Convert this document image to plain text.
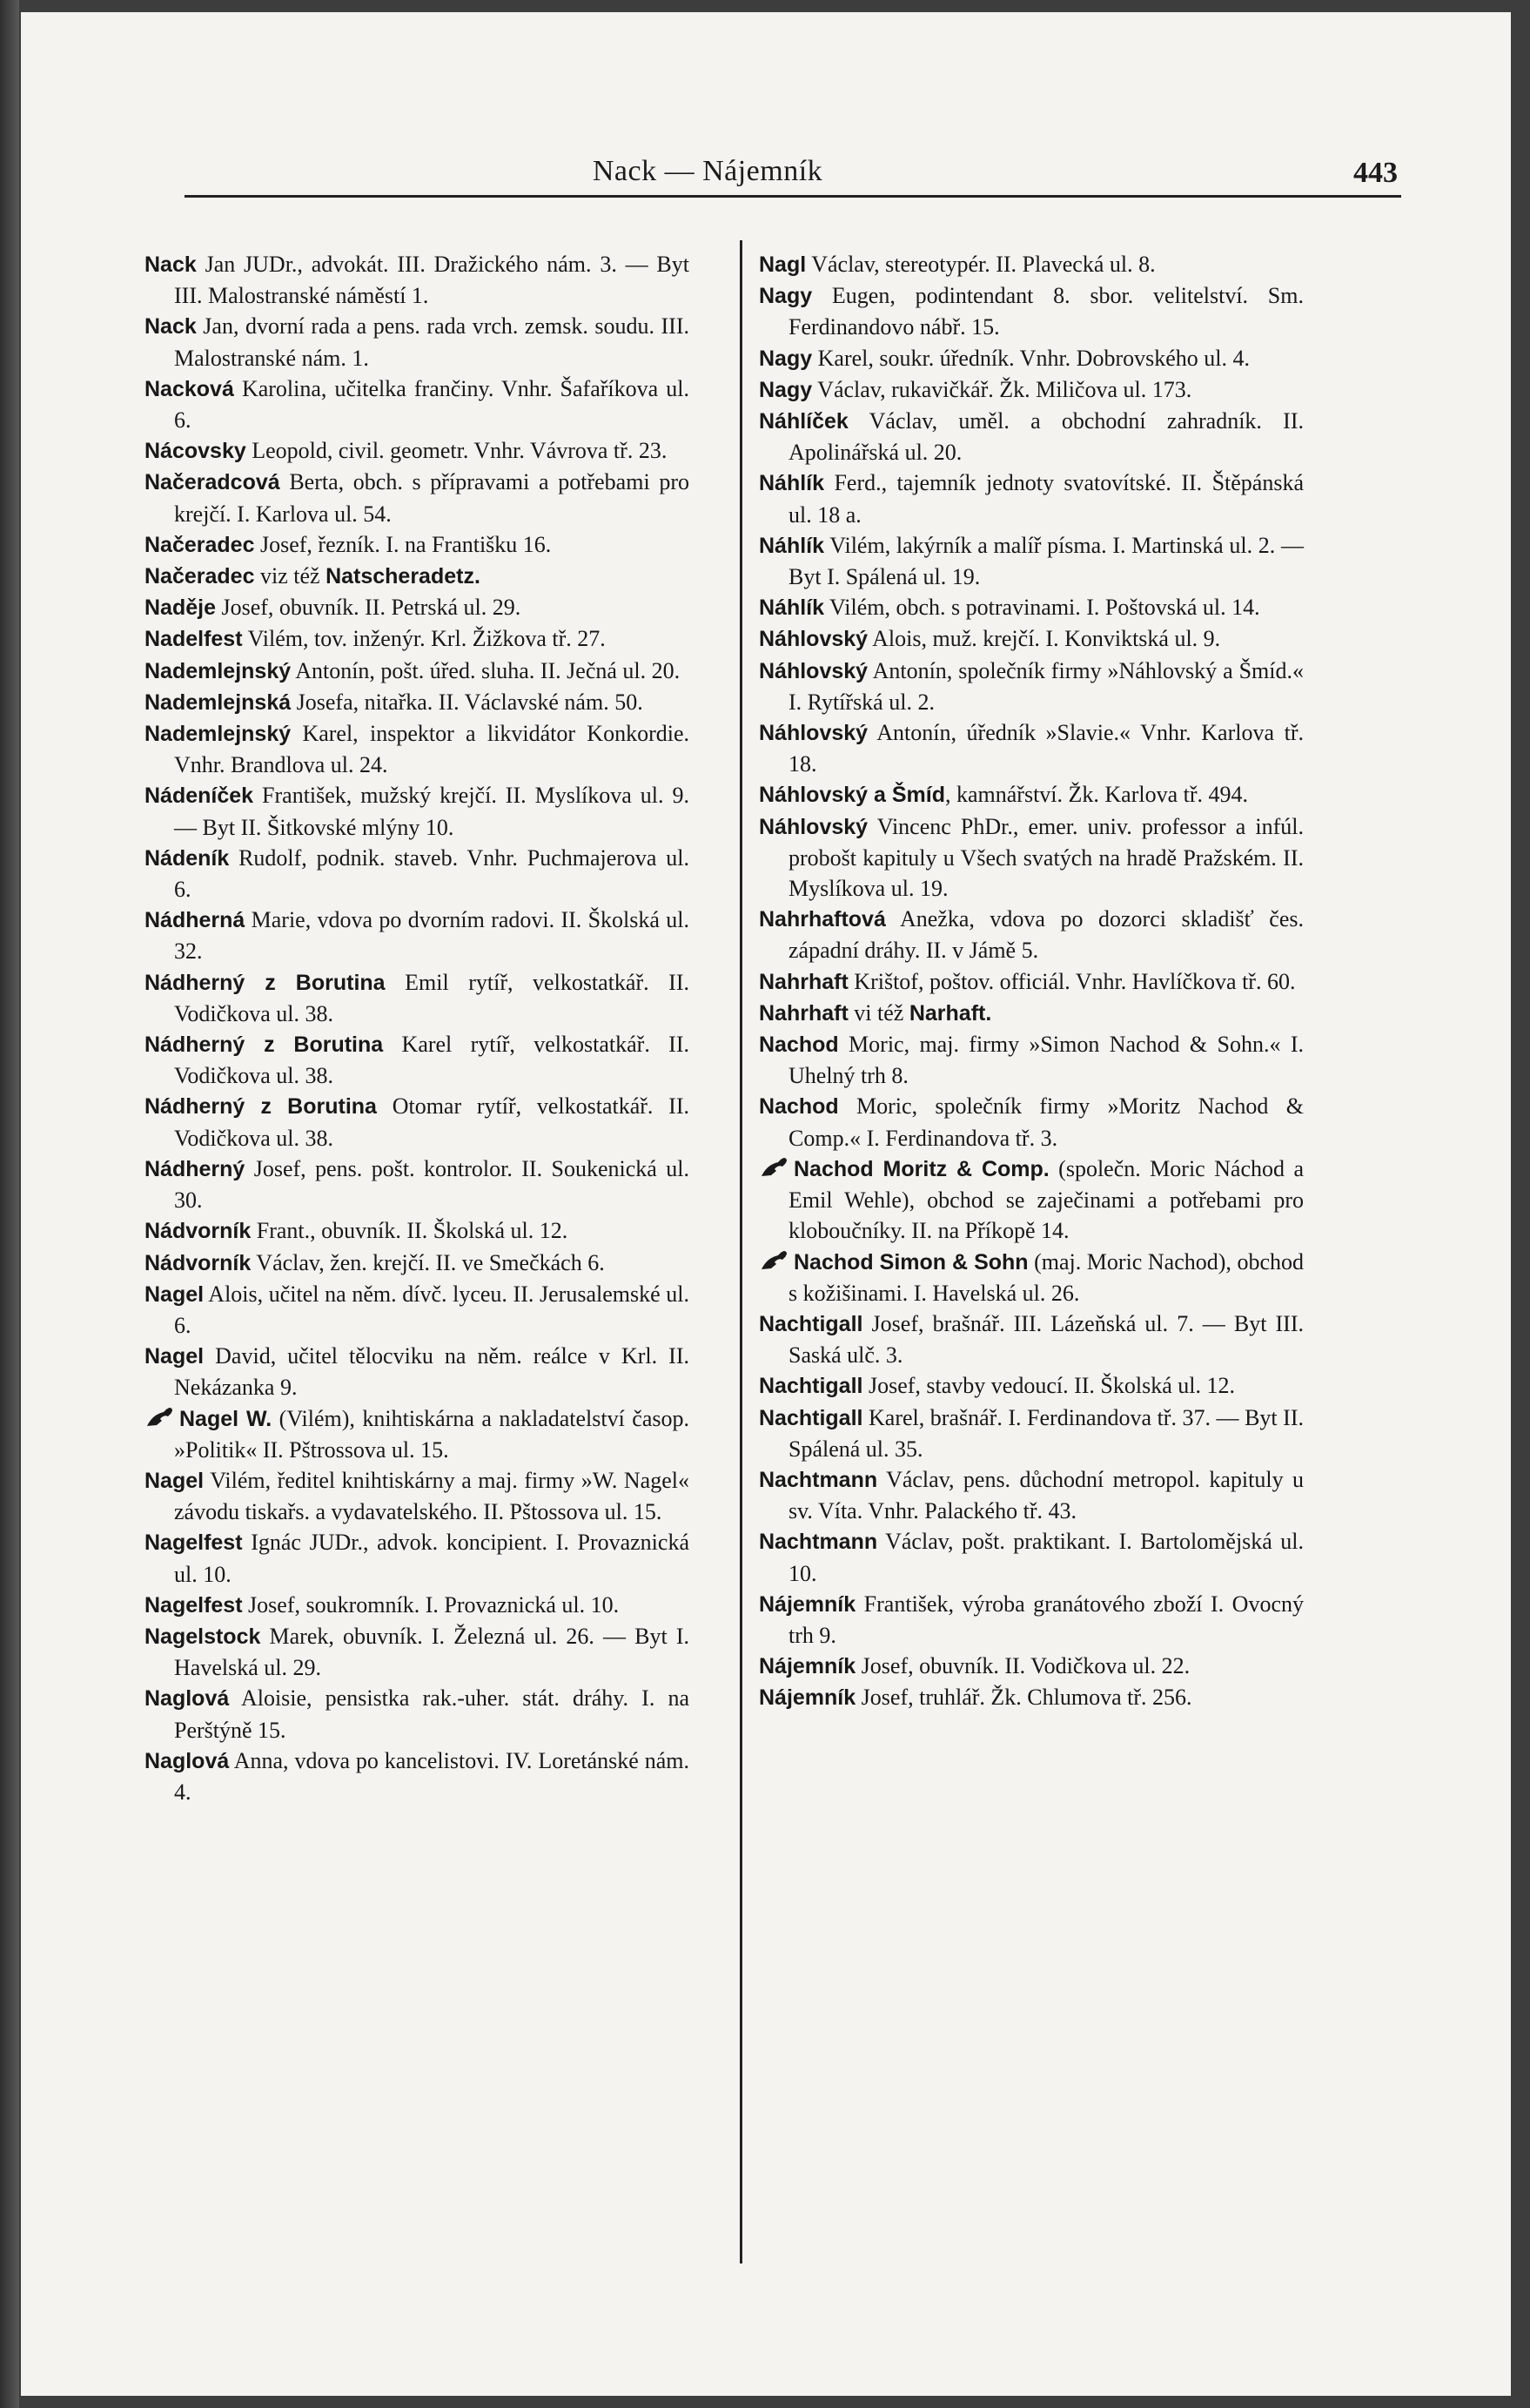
Nack — Nájemník	443

Nack Jan JUDr., advokát. III. Dražického nám. 3. — Byt III. Malostranské náměstí 1.

Nack Jan, dvorní rada a pens. rada vrch. zemsk. soudu. III. Malostranské nám. 1.

Nacková Karolina, učitelka frančiny. Vnhr. Šafaříkova ul. 6.

Nácovsky Leopold, civil. geometr. Vnhr. Vávrova tř. 23.

Načeradcová Berta, obch. s přípravami a potřebami pro krejčí. I. Karlova ul. 54.

Načeradec Josef, řezník. I. na Františku 16.

Načeradec viz též Natscheradetz.

Naděje Josef, obuvník. II. Petrská ul. 29.

Nadelfest Vilém, tov. inženýr. Krl. Žižkova tř. 27.

Nademlejnský Antonín, pošt. úřed. sluha. II. Ječná ul. 20.

Nademlejnská Josefa, nitařka. II. Václavské nám. 50.

Nademlejnský Karel, inspektor a likvidátor Konkordie. Vnhr. Brandlova ul. 24.

Nádeníček František, mužský krejčí. II. Myslíkova ul. 9. — Byt II. Šitkovské mlýny 10.

Nádeník Rudolf, podnik. staveb. Vnhr. Puchmajerova ul. 6.

Nádherná Marie, vdova po dvorním radovi. II. Školská ul. 32.

Nádherný z Borutina Emil rytíř, velkostatkář. II. Vodičkova ul. 38.

Nádherný z Borutina Karel rytíř, velkostatkář. II. Vodičkova ul. 38.

Nádherný z Borutina Otomar rytíř, velkostatkář. II. Vodičkova ul. 38.

Nádherný Josef, pens. pošt. kontrolor. II. Soukenická ul. 30.

Nádvorník Frant., obuvník. II. Školská ul. 12.

Nádvorník Václav, žen. krejčí. II. ve Smečkách 6.

Nagel Alois, učitel na něm. dívč. lyceu. II. Jerusalemské ul. 6.

Nagel David, učitel tělocviku na něm. reálce v Krl. II. Nekázanka 9.

Nagel W. (Vilém), knihtiskárna a nakladatelství časop. »Politik« II. Pštrossova ul. 15.

Nagel Vilém, ředitel knihtiskárny a maj. firmy »W. Nagel« závodu tiskařs. a vydavatelského. II. Pštossova ul. 15.

Nagelfest Ignác JUDr., advok. koncipient. I. Provaznická ul. 10.

Nagelfest Josef, soukromník. I. Provaznická ul. 10.

Nagelstock Marek, obuvník. I. Železná ul. 26. — Byt I. Havelská ul. 29.

Naglová Aloisie, pensistka rak.-uher. stát. dráhy. I. na Perštýně 15.

Naglová Anna, vdova po kancelistovi. IV. Loretánské nám. 4.

Nagl Václav, stereotypér. II. Plavecká ul. 8.

Nagy Eugen, podintendant 8. sbor. velitelství. Sm. Ferdinandovo nábř. 15.

Nagy Karel, soukr. úředník. Vnhr. Dobrovského ul. 4.

Nagy Václav, rukavičkář. Žk. Miličova ul. 173.

Náhlíček Václav, uměl. a obchodní zahradník. II. Apolinářská ul. 20.

Náhlík Ferd., tajemník jednoty svatovítské. II. Štěpánská ul. 18 a.

Náhlík Vilém, lakýrník a malíř písma. I. Martinská ul. 2. — Byt I. Spálená ul. 19.

Náhlík Vilém, obch. s potravinami. I. Poštovská ul. 14.

Náhlovský Alois, muž. krejčí. I. Konviktská ul. 9.

Náhlovský Antonín, společník firmy »Náhlovský a Šmíd.« I. Rytířská ul. 2.

Náhlovský Antonín, úředník »Slavie.« Vnhr. Karlova tř. 18.

Náhlovský a Šmíd, kamnářství. Žk. Karlova tř. 494.

Náhlovský Vincenc PhDr., emer. univ. professor a infúl. probošt kapituly u Všech svatých na hradě Pražském. II. Myslíkova ul. 19.

Nahrhaftová Anežka, vdova po dozorci skladišť čes. západní dráhy. II. v Jámě 5.

Nahrhaft Krištof, poštov. officiál. Vnhr. Havlíčkova tř. 60.

Nahrhaft vi též Narhaft.

Nachod Moric, maj. firmy »Simon Nachod & Sohn.« I. Uhelný trh 8.

Nachod Moric, společník firmy »Moritz Nachod & Comp.« I. Ferdinandova tř. 3.

Nachod Moritz & Comp. (společn. Moric Náchod a Emil Wehle), obchod se zaječinami a potřebami pro kloboučníky. II. na Příkopě 14.

Nachod Simon & Sohn (maj. Moric Nachod), obchod s kožišinami. I. Havelská ul. 26.

Nachtigall Josef, brašnář. III. Lázeňská ul. 7. — Byt III. Saská ulč. 3.

Nachtigall Josef, stavby vedoucí. II. Školská ul. 12.

Nachtigall Karel, brašnář. I. Ferdinandova tř. 37. — Byt II. Spálená ul. 35.

Nachtmann Václav, pens. důchodní metropol. kapituly u sv. Víta. Vnhr. Palackého tř. 43.

Nachtmann Václav, pošt. praktikant. I. Bartolomějská ul. 10.

Nájemník František, výroba granátového zboží I. Ovocný trh 9.

Nájemník Josef, obuvník. II. Vodičkova ul. 22.

Nájemník Josef, truhlář. Žk. Chlumova tř. 256.
